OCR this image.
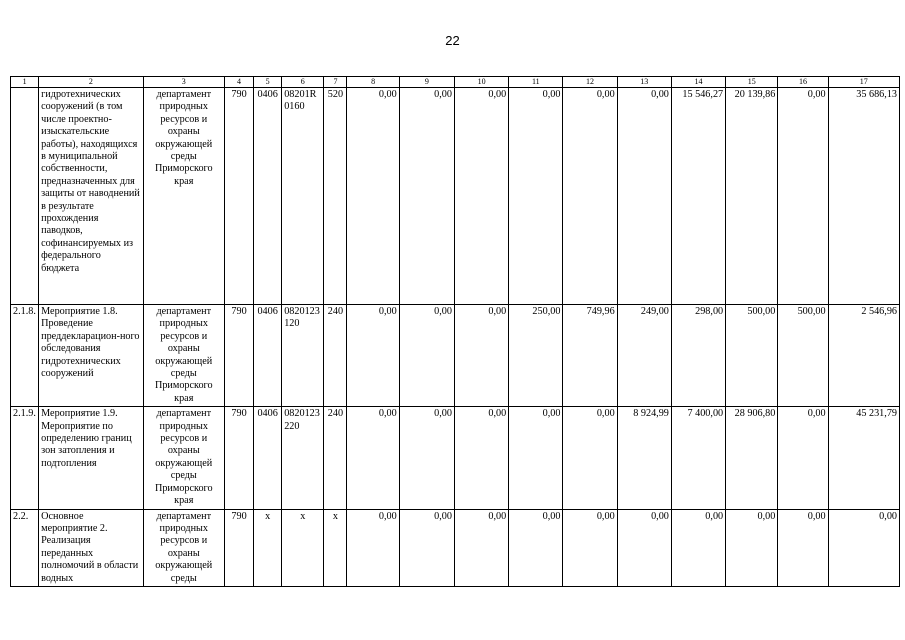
22
1	2	3	4	5	6	7	8	9	10	11	12	13	14	15	16	17
	гидротехнических сооружений (в том числе проектно-изыскательские работы), находящихся в муниципальной собственности, предназначенных для защиты от наводнений в результате прохождения паводков, софинансируемых из федерального бюджета	департамент природных ресурсов и охраны окружающей среды Приморского края	790	0406	08201R0160	520	0,00	0,00	0,00	0,00	0,00	0,00	15 546,27	20 139,86	0,00	35 686,13
2.1.8.	Мероприятие 1.8. Проведение преддекларацион-ного обследования гидротехнических сооружений	департамент природных ресурсов и охраны окружающей среды Приморского края	790	0406	0820123120	240	0,00	0,00	0,00	250,00	749,96	249,00	298,00	500,00	500,00	2 546,96
2.1.9.	Мероприятие 1.9. Мероприятие по определению границ зон затопления и подтопления	департамент природных ресурсов и охраны окружающей среды Приморского края	790	0406	0820123220	240	0,00	0,00	0,00	0,00	0,00	8 924,99	7 400,00	28 906,80	0,00	45 231,79
2.2.	Основное мероприятие 2. Реализация переданных полномочий в области водных	департамент природных ресурсов и охраны окружающей среды	790	х	х	х	0,00	0,00	0,00	0,00	0,00	0,00	0,00	0,00	0,00	0,00
